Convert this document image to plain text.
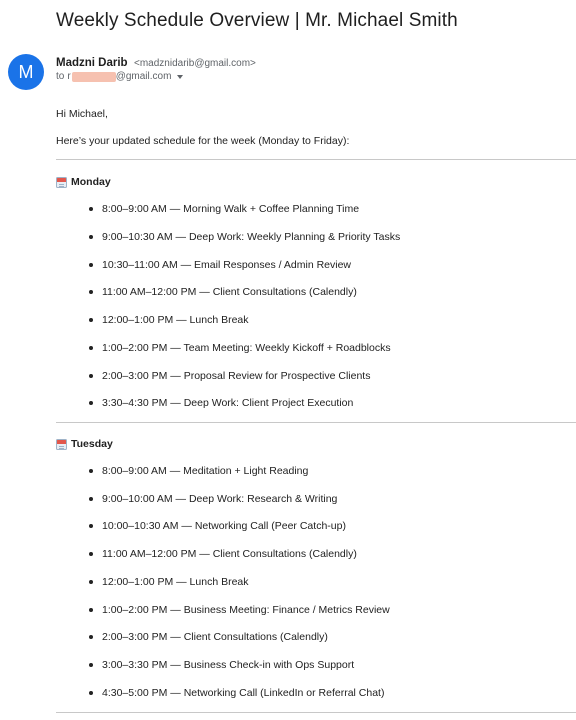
Weekly Schedule Overview | Mr. Michael Smith
M	Madzni Darib <madznidarib@gmail.com>
to r	@gmail.com
Hi Michael,
Here’s your updated schedule for the week (Monday to Friday):
Monday
8:00–9:00 AM — Morning Walk + Coffee Planning Time
9:00–10:30 AM — Deep Work: Weekly Planning & Priority Tasks
10:30–11:00 AM — Email Responses / Admin Review
11:00 AM–12:00 PM — Client Consultations (Calendly)
12:00–1:00 PM — Lunch Break
1:00–2:00 PM — Team Meeting: Weekly Kickoff + Roadblocks
2:00–3:00 PM — Proposal Review for Prospective Clients
3:30–4:30 PM — Deep Work: Client Project Execution
Tuesday
8:00–9:00 AM — Meditation + Light Reading
9:00–10:00 AM — Deep Work: Research & Writing
10:00–10:30 AM — Networking Call (Peer Catch-up)
11:00 AM–12:00 PM — Client Consultations (Calendly)
12:00–1:00 PM — Lunch Break
1:00–2:00 PM — Business Meeting: Finance / Metrics Review
2:00–3:00 PM — Client Consultations (Calendly)
3:00–3:30 PM — Business Check-in with Ops Support
4:30–5:00 PM — Networking Call (LinkedIn or Referral Chat)
